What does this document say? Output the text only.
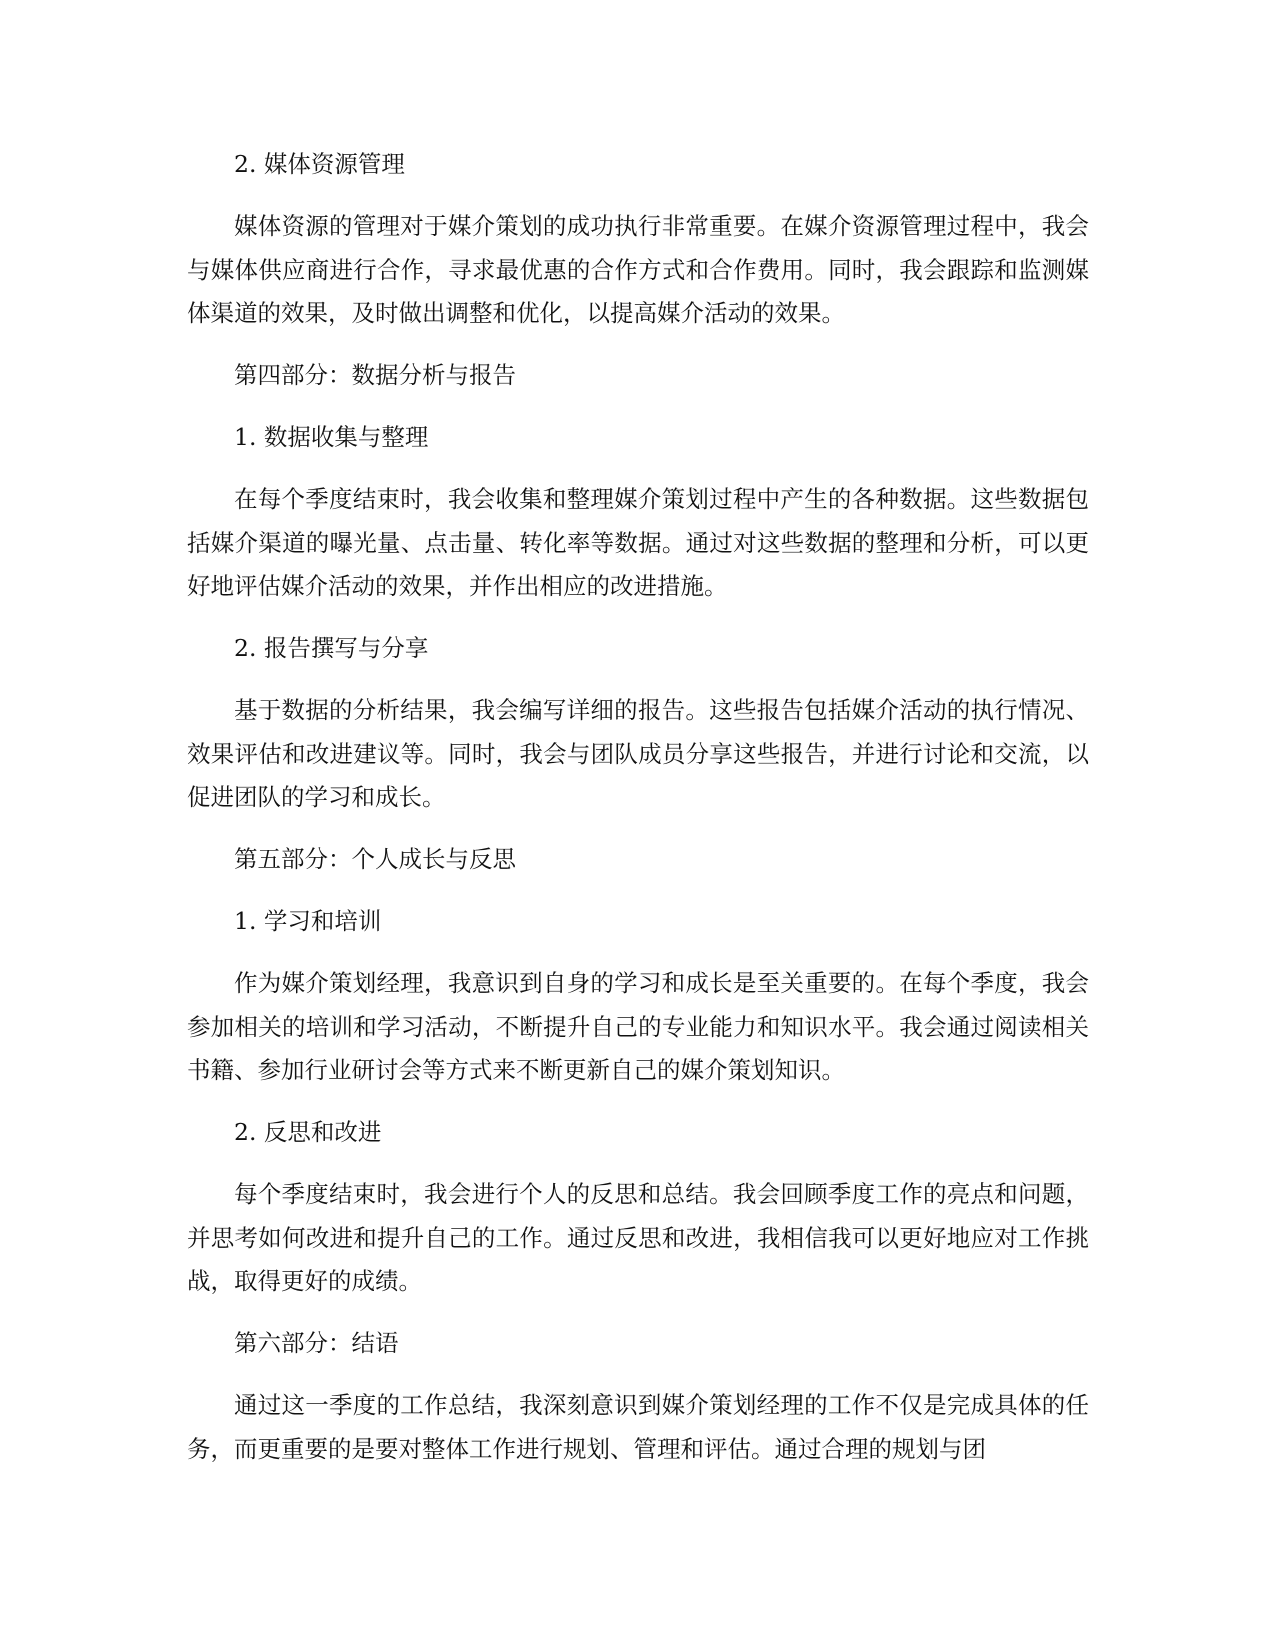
2. 媒体资源管理

媒体资源的管理对于媒介策划的成功执行非常重要。在媒介资源管理过程中，我会与媒体供应商进行合作，寻求最优惠的合作方式和合作费用。同时，我会跟踪和监测媒体渠道的效果，及时做出调整和优化，以提高媒介活动的效果。

第四部分：数据分析与报告

1. 数据收集与整理

在每个季度结束时，我会收集和整理媒介策划过程中产生的各种数据。这些数据包括媒介渠道的曝光量、点击量、转化率等数据。通过对这些数据的整理和分析，可以更好地评估媒介活动的效果，并作出相应的改进措施。

2. 报告撰写与分享

基于数据的分析结果，我会编写详细的报告。这些报告包括媒介活动的执行情况、效果评估和改进建议等。同时，我会与团队成员分享这些报告，并进行讨论和交流，以促进团队的学习和成长。

第五部分：个人成长与反思

1. 学习和培训

作为媒介策划经理，我意识到自身的学习和成长是至关重要的。在每个季度，我会参加相关的培训和学习活动，不断提升自己的专业能力和知识水平。我会通过阅读相关书籍、参加行业研讨会等方式来不断更新自己的媒介策划知识。

2. 反思和改进

每个季度结束时，我会进行个人的反思和总结。我会回顾季度工作的亮点和问题，并思考如何改进和提升自己的工作。通过反思和改进，我相信我可以更好地应对工作挑战，取得更好的成绩。

第六部分：结语

通过这一季度的工作总结，我深刻意识到媒介策划经理的工作不仅是完成具体的任务，而更重要的是要对整体工作进行规划、管理和评估。通过合理的规划与团
